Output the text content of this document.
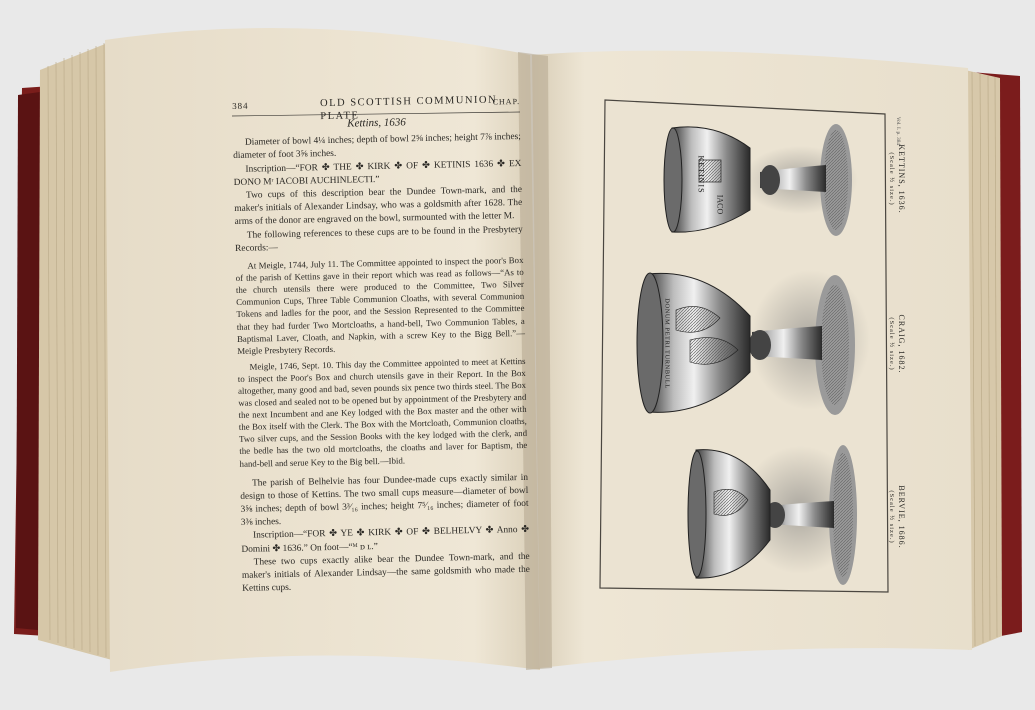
KETINIS
IACO
DONUM PETRI TURNBULL
384	OLD SCOTTISH COMMUNION PLATE
CHAP.

Kettins, 1636

Diameter of bowl 4¼ inches; depth of bowl 2⅝ inches; height 7⅞ inches; diameter of foot 3⅝ inches.

Inscription—“FOR ✤ THE ✤ KIRK ✤ OF ✤ KETINIS 1636 ✤ EX DONO Mʳ IACOBI AUCHINLECTI.”

Two cups of this description bear the Dundee Town-mark, and the maker's initials of Alexander Lindsay, who was a goldsmith after 1628. The arms of the donor are engraved on the bowl, surmounted with the letter M.

The following references to these cups are to be found in the Presbytery Records:—

At Meigle, 1744, July 11. The Committee appointed to inspect the poor's Box of the parish of Kettins gave in their report which was read as follows—“As to the church utensils there were produced to the Committee, Two Silver Communion Cups, Three Table Communion Cloaths, with several Communion Tokens and ladles for the poor, and the Session Represented to the Committee that they had furder Two Mortcloaths, a hand-bell, Two Communion Tables, a Baptismal Laver, Cloath, and Napkin, with a screw Key to the Bigg Bell.”—Meigle Presbytery Records.

Meigle, 1746, Sept. 10. This day the Committee appointed to meet at Kettins to inspect the Poor's Box and church utensils gave in their Report. In the Box altogether, many good and bad, seven pounds six pence two thirds steel. The Box was closed and sealed not to be opened but by appointment of the Presbytery and the next Incumbent and ane Key lodged with the Box master and the other with the Box itself with the Clerk. The Box with the Mortcloath, Communion cloaths, Two silver cups, and the Session Books with the key lodged with the clerk, and the bedle has the two old mortcloaths, the cloaths and laver for Baptism, the hand-bell and serue Key to the Big bell.—Ibid.

The parish of Belhelvie has four Dundee-made cups exactly similar in design to those of Kettins. The two small cups measure—diameter of bowl 3⅝ inches; depth of bowl 3³⁄₁₆ inches; height 7⁵⁄₁₆ inches; diameter of foot 3⅜ inches.

Inscription—“FOR ✤ YE ✤ KIRK ✤ OF ✤ BELHELVY ✤ Anno ✤ Domini ✤ 1636.” On foot—“ᴹ ᴅ ʟ.”

These two cups exactly alike bear the Dundee Town-mark, and the maker's initials of Alexander Lindsay—the same goldsmith who made the Kettins cups.

KETTINS, 1636.
(Scale ½ size.)
CRAIG, 1682.
(Scale ½ size.)
BERVIE, 1686.
(Scale ½ size.)
Vol. I. p. 384
